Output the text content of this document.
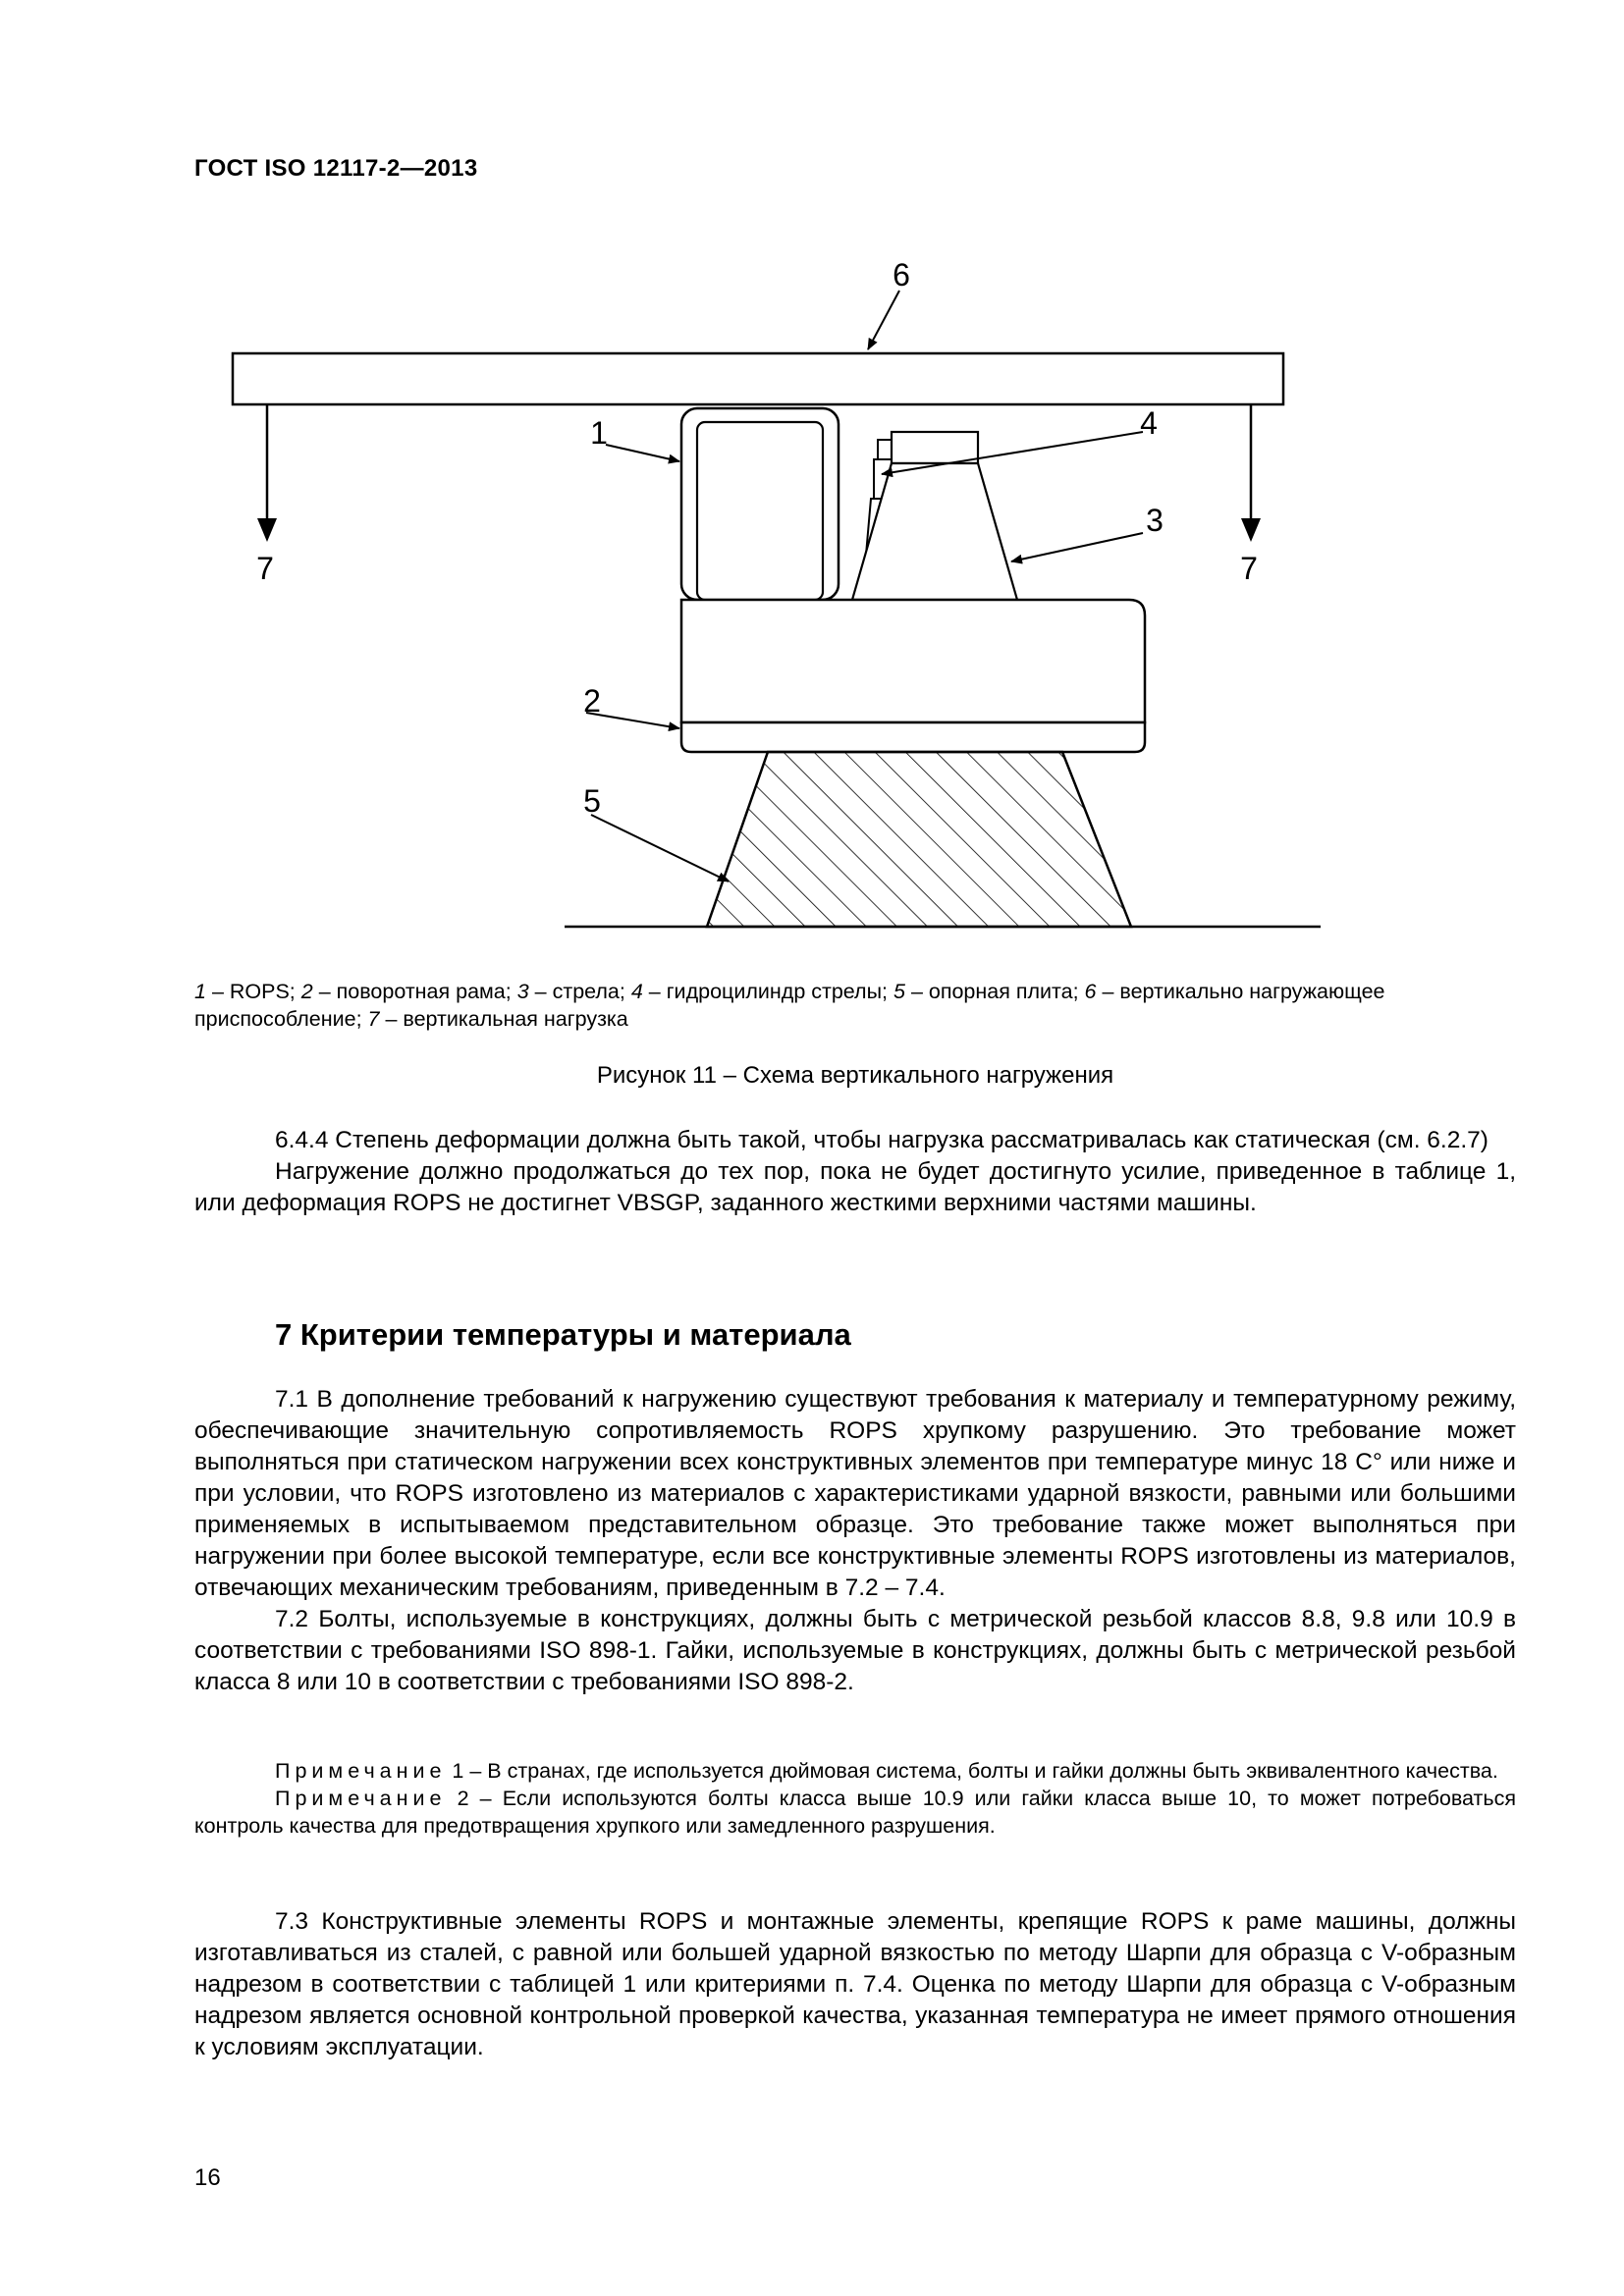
ГОСТ ISO 12117-2—2013
6
1	4
3
2
5
7	7
1 – ROPS; 2 – поворотная рама; 3 – стрела; 4 – гидроцилиндр стрелы; 5 – опорная плита; 6 – вертикально нагружающее приспособление; 7 – вертикальная нагрузка
Рисунок 11 – Схема вертикального нагружения

6.4.4 Степень деформации должна быть такой, чтобы нагрузка рассматривалась как статическая (см. 6.2.7)

Нагружение должно продолжаться до тех пор, пока не будет достигнуто усилие, приведенное в таблице 1, или деформация ROPS не достигнет VBSGP, заданного жесткими верхними частями машины.

7 Критерии температуры и материала

7.1 В дополнение требований к нагружению существуют требования к материалу и температурному режиму, обеспечивающие значительную сопротивляемость ROPS хрупкому разрушению. Это требование может выполняться при статическом нагружении всех конструктивных элементов при температуре минус 18 С° или ниже и при условии, что ROPS изготовлено из материалов с характеристиками ударной вязкости, равными или большими применяемых в испытываемом представительном образце. Это требование также может выполняться при нагружении при более высокой температуре, если все конструктивные элементы ROPS изготовлены из материалов, отвечающих механическим требованиям, приведенным в 7.2 – 7.4.

7.2 Болты, используемые в конструкциях, должны быть с метрической резьбой классов 8.8, 9.8 или 10.9 в соответствии с требованиями ISO 898-1. Гайки, используемые в конструкциях, должны быть с метрической резьбой класса 8 или 10 в соответствии с требованиями ISO 898-2.

Примечание 1 – В странах, где используется дюймовая система, болты и гайки должны быть эквивалентного качества.

Примечание 2 – Если используются болты класса выше 10.9 или гайки класса выше 10, то может потребоваться контроль качества для предотвращения хрупкого или замедленного разрушения.

7.3 Конструктивные элементы ROPS и монтажные элементы, крепящие ROPS к раме машины, должны изготавливаться из сталей, с равной или большей ударной вязкостью по методу Шарпи для образца с V-образным надрезом в соответствии с таблицей 1 или критериями п. 7.4. Оценка по методу Шарпи для образца с V-образным надрезом является основной контрольной проверкой качества, указанная температура не имеет прямого отношения к условиям эксплуатации.

16
